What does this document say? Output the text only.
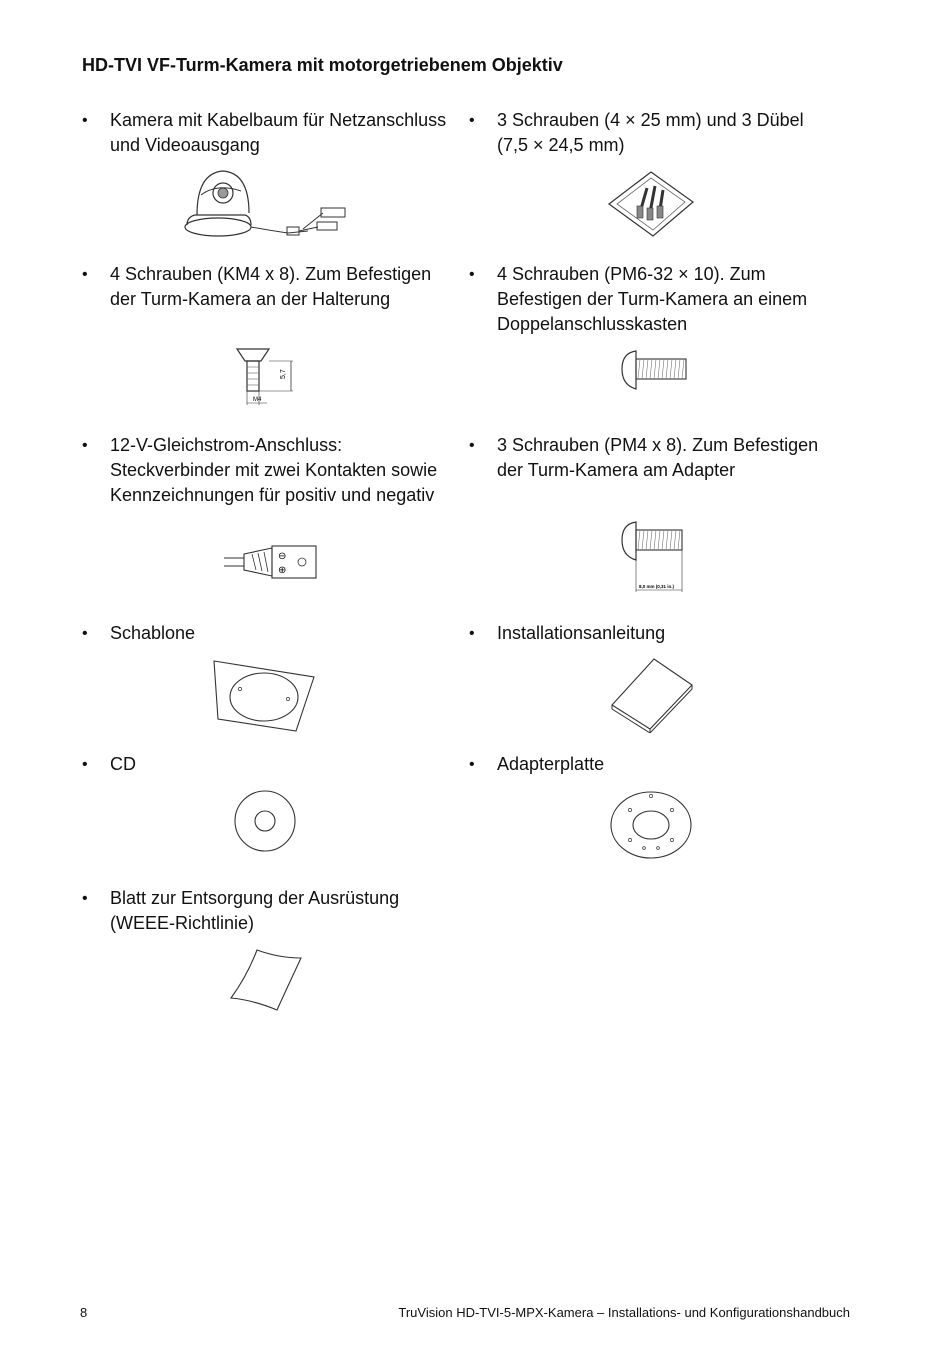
HD-TVI VF-Turm-Kamera mit motorgetriebenem Objektiv
• Kamera mit Kabelbaum für Netzanschluss und Videoausgang
• 3 Schrauben (4 × 25 mm) und 3 Dübel (7,5 × 24,5 mm)
• 4 Schrauben (KM4 x 8). Zum Befestigen der Turm-Kamera an der Halterung
5,7
M4
• 4 Schrauben (PM6-32 × 10). Zum Befestigen der Turm-Kamera an einem Doppelanschlusskasten
• 12-V-Gleichstrom-Anschluss: Steckverbinder mit zwei Kontakten sowie Kennzeichnungen für positiv und negativ
⊖
⊕
• 3 Schrauben (PM4 x 8). Zum Befestigen der Turm-Kamera am Adapter
8,0 mm (0,31 in.)
• Schablone	• Installationsanleitung
• CD	• Adapterplatte
• Blatt zur Entsorgung der Ausrüstung (WEEE-Richtlinie)
8	TruVision HD-TVI-5-MPX-Kamera – Installations- und Konfigurationshandbuch
